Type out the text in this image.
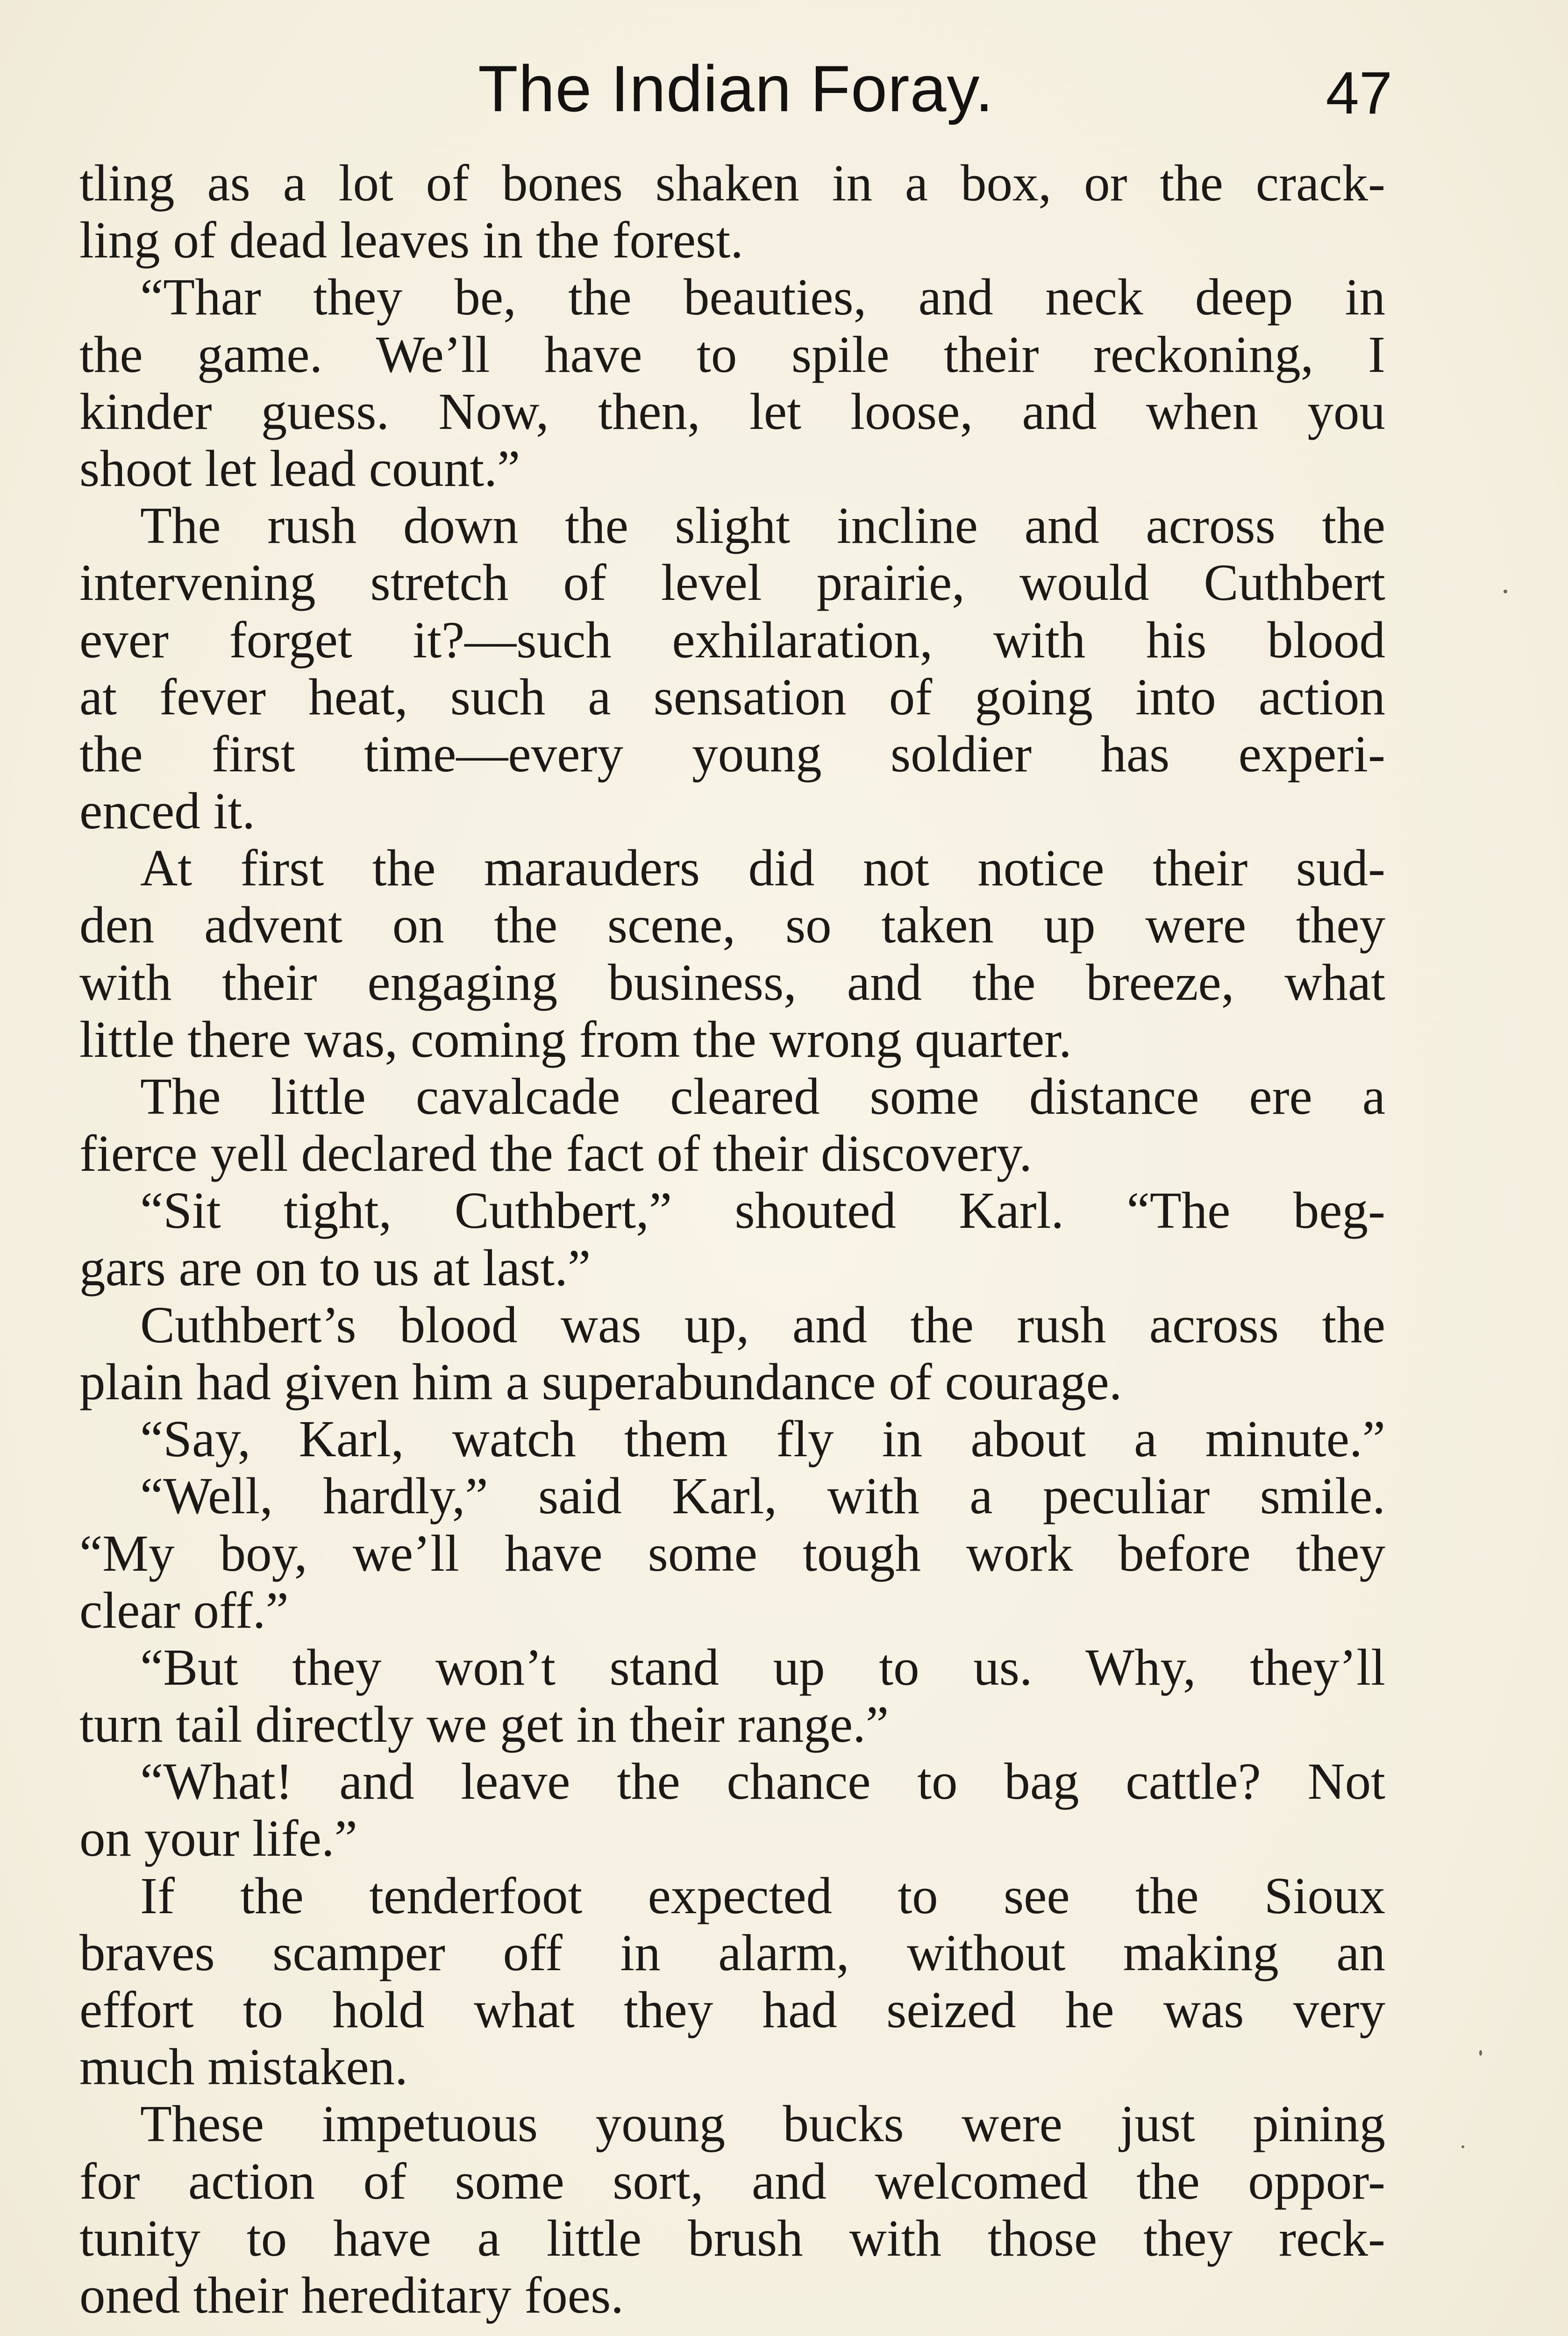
The Indian Foray.	47
tling as a lot of bones shaken in a box, or the crack-
ling of dead leaves in the forest.
“Thar they be, the beauties, and neck deep in
the game. We’ll have to spile their reckoning, I
kinder guess. Now, then, let loose, and when you
shoot let lead count.”
The rush down the slight incline and across the
intervening stretch of level prairie, would Cuthbert
ever forget it?—such exhilaration, with his blood
at fever heat, such a sensation of going into action
the first time—every young soldier has experi-
enced it.
At first the marauders did not notice their sud-
den advent on the scene, so taken up were they
with their engaging business, and the breeze, what
little there was, coming from the wrong quarter.
The little cavalcade cleared some distance ere a
fierce yell declared the fact of their discovery.
“Sit tight, Cuthbert,” shouted Karl. “The beg-
gars are on to us at last.”
Cuthbert’s blood was up, and the rush across the
plain had given him a superabundance of courage.
“Say, Karl, watch them fly in about a minute.”
“Well, hardly,” said Karl, with a peculiar smile.
“My boy, we’ll have some tough work before they
clear off.”
“But they won’t stand up to us. Why, they’ll
turn tail directly we get in their range.”
“What! and leave the chance to bag cattle? Not
on your life.”
If the tenderfoot expected to see the Sioux
braves scamper off in alarm, without making an
effort to hold what they had seized he was very
much mistaken.
These impetuous young bucks were just pining
for action of some sort, and welcomed the oppor-
tunity to have a little brush with those they reck-
oned their hereditary foes.
